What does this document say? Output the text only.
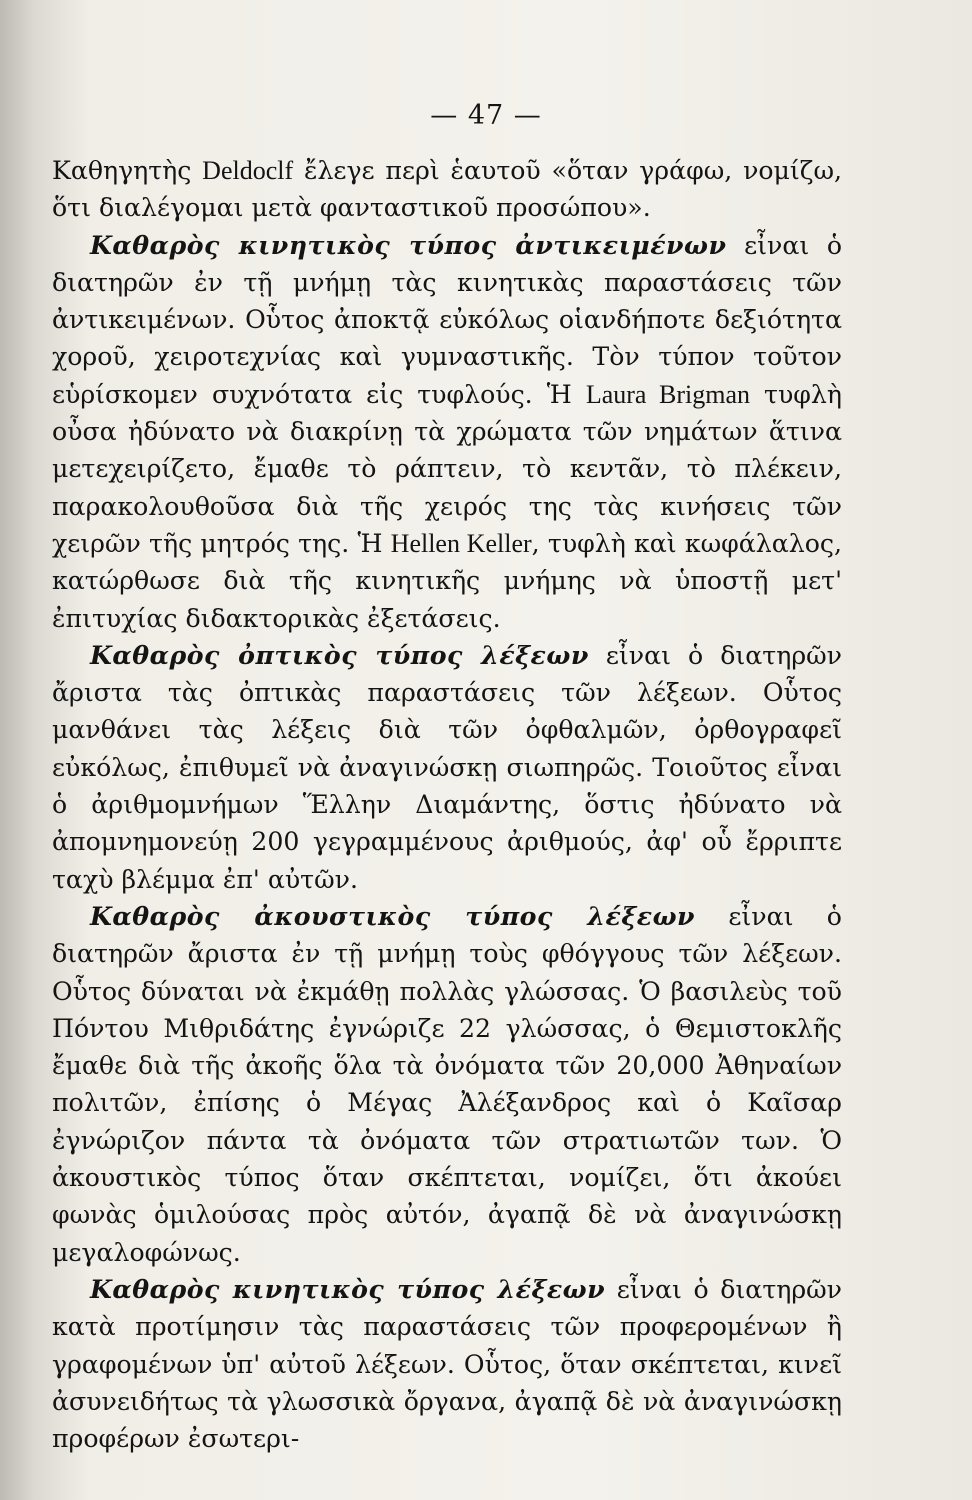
— 47 —

Καθηγητὴς Deldoclf ἔλεγε περὶ ἑαυτοῦ «ὅταν γράφω, νομίζω, ὅτι διαλέγομαι μετὰ φανταστικοῦ προσώπου».

Καθαρὸς κινητικὸς τύπος ἀντικειμένων εἶναι ὁ διατηρῶν ἐν τῇ μνήμῃ τὰς κινητικὰς παραστάσεις τῶν ἀντικειμένων. Οὗτος ἀποκτᾷ εὐκόλως οἱανδήποτε δεξιότητα χοροῦ, χειροτεχνίας καὶ γυμναστικῆς. Τὸν τύπον τοῦτον εὑρίσκομεν συχνότατα εἰς τυφλούς. Ἡ Laura Brigman τυφλὴ οὖσα ἠδύνατο νὰ διακρίνῃ τὰ χρώματα τῶν νημάτων ἅτινα μετεχειρίζετο, ἔμαθε τὸ ράπτειν, τὸ κεντᾶν, τὸ πλέκειν, παρακολουθοῦσα διὰ τῆς χειρός της τὰς κινήσεις τῶν χειρῶν τῆς μητρός της. Ἡ Hellen Keller, τυφλὴ καὶ κωφάλαλος, κατώρθωσε διὰ τῆς κινητικῆς μνήμης νὰ ὑποστῇ μετ' ἐπιτυχίας διδακτορικὰς ἐξετάσεις.

Καθαρὸς ὀπτικὸς τύπος λέξεων εἶναι ὁ διατηρῶν ἄριστα τὰς ὀπτικὰς παραστάσεις τῶν λέξεων. Οὗτος μανθάνει τὰς λέξεις διὰ τῶν ὀφθαλμῶν, ὀρθογραφεῖ εὐκόλως, ἐπιθυμεῖ νὰ ἀναγινώσκῃ σιωπηρῶς. Τοιοῦτος εἶναι ὁ ἀριθμομνήμων Ἕλλην Διαμάντης, ὅστις ἠδύνατο νὰ ἀπομνημονεύῃ 200 γεγραμμένους ἀριθμούς, ἀφ' οὗ ἔρριπτε ταχὺ βλέμμα ἐπ' αὐτῶν.

Καθαρὸς ἀκουστικὸς τύπος λέξεων εἶναι ὁ διατηρῶν ἄριστα ἐν τῇ μνήμῃ τοὺς φθόγγους τῶν λέξεων. Οὗτος δύναται νὰ ἐκμάθῃ πολλὰς γλώσσας. Ὁ βασιλεὺς τοῦ Πόντου Μιθριδάτης ἐγνώριζε 22 γλώσσας, ὁ Θεμιστοκλῆς ἔμαθε διὰ τῆς ἀκοῆς ὅλα τὰ ὀνόματα τῶν 20,000 Ἀθηναίων πολιτῶν, ἐπίσης ὁ Μέγας Ἀλέξανδρος καὶ ὁ Καῖσαρ ἐγνώριζον πάντα τὰ ὀνόματα τῶν στρατιωτῶν των. Ὁ ἀκουστικὸς τύπος ὅταν σκέπτεται, νομίζει, ὅτι ἀκούει φωνὰς ὁμιλούσας πρὸς αὐτόν, ἀγαπᾷ δὲ νὰ ἀναγινώσκῃ μεγαλοφώνως.

Καθαρὸς κινητικὸς τύπος λέξεων εἶναι ὁ διατηρῶν κατὰ προτίμησιν τὰς παραστάσεις τῶν προφερομένων ἢ γραφομένων ὑπ' αὐτοῦ λέξεων. Οὗτος, ὅταν σκέπτεται, κινεῖ ἀσυνειδήτως τὰ γλωσσικὰ ὄργανα, ἀγαπᾷ δὲ νὰ ἀναγινώσκῃ προφέρων ἐσωτερι-
